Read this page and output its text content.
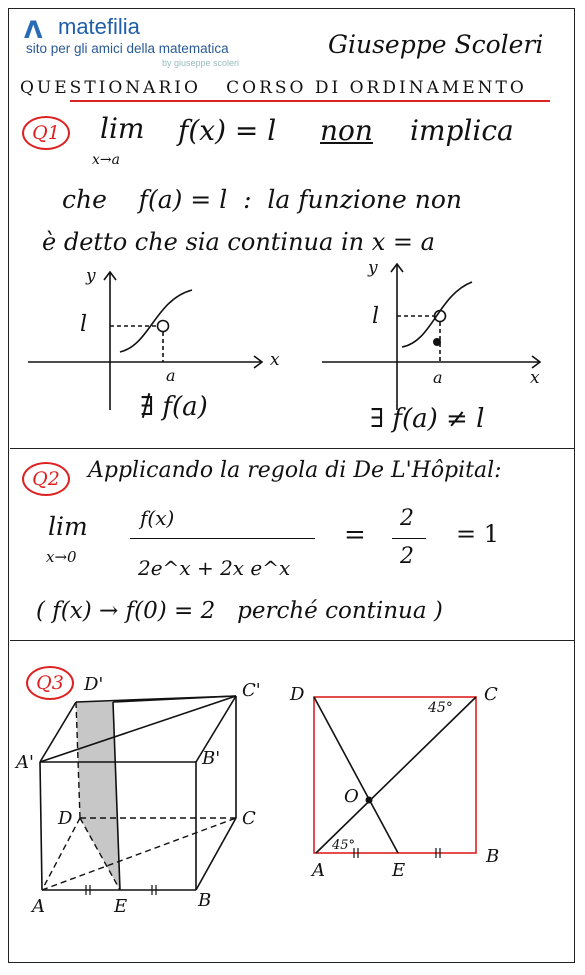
Λ matefilia
sito per gli amici della matematica
by giuseppe scoleri
Giuseppe Scoleri
QUESTIONARIO   CORSO DI ORDINAMENTO
Q1	lim
x→a
f(x) = l non implica
che    f(a) = l  :  la funzione non
è detto che sia continua in x = a
y
l
x
a
∄ f(a)
y
l
x
a
∃ f(a) ≠ l
Q2	Applicando la regola di De L'Hôpital:
lim
x→0
f(x)
2e^x + 2x e^x
=
2
2
= 1
( f(x) → f(0) = 2   perché continua )
Q3	D'	C'
A'	B'
D	C
A	E	B
D	C
O
A	E
B
45°
45°
